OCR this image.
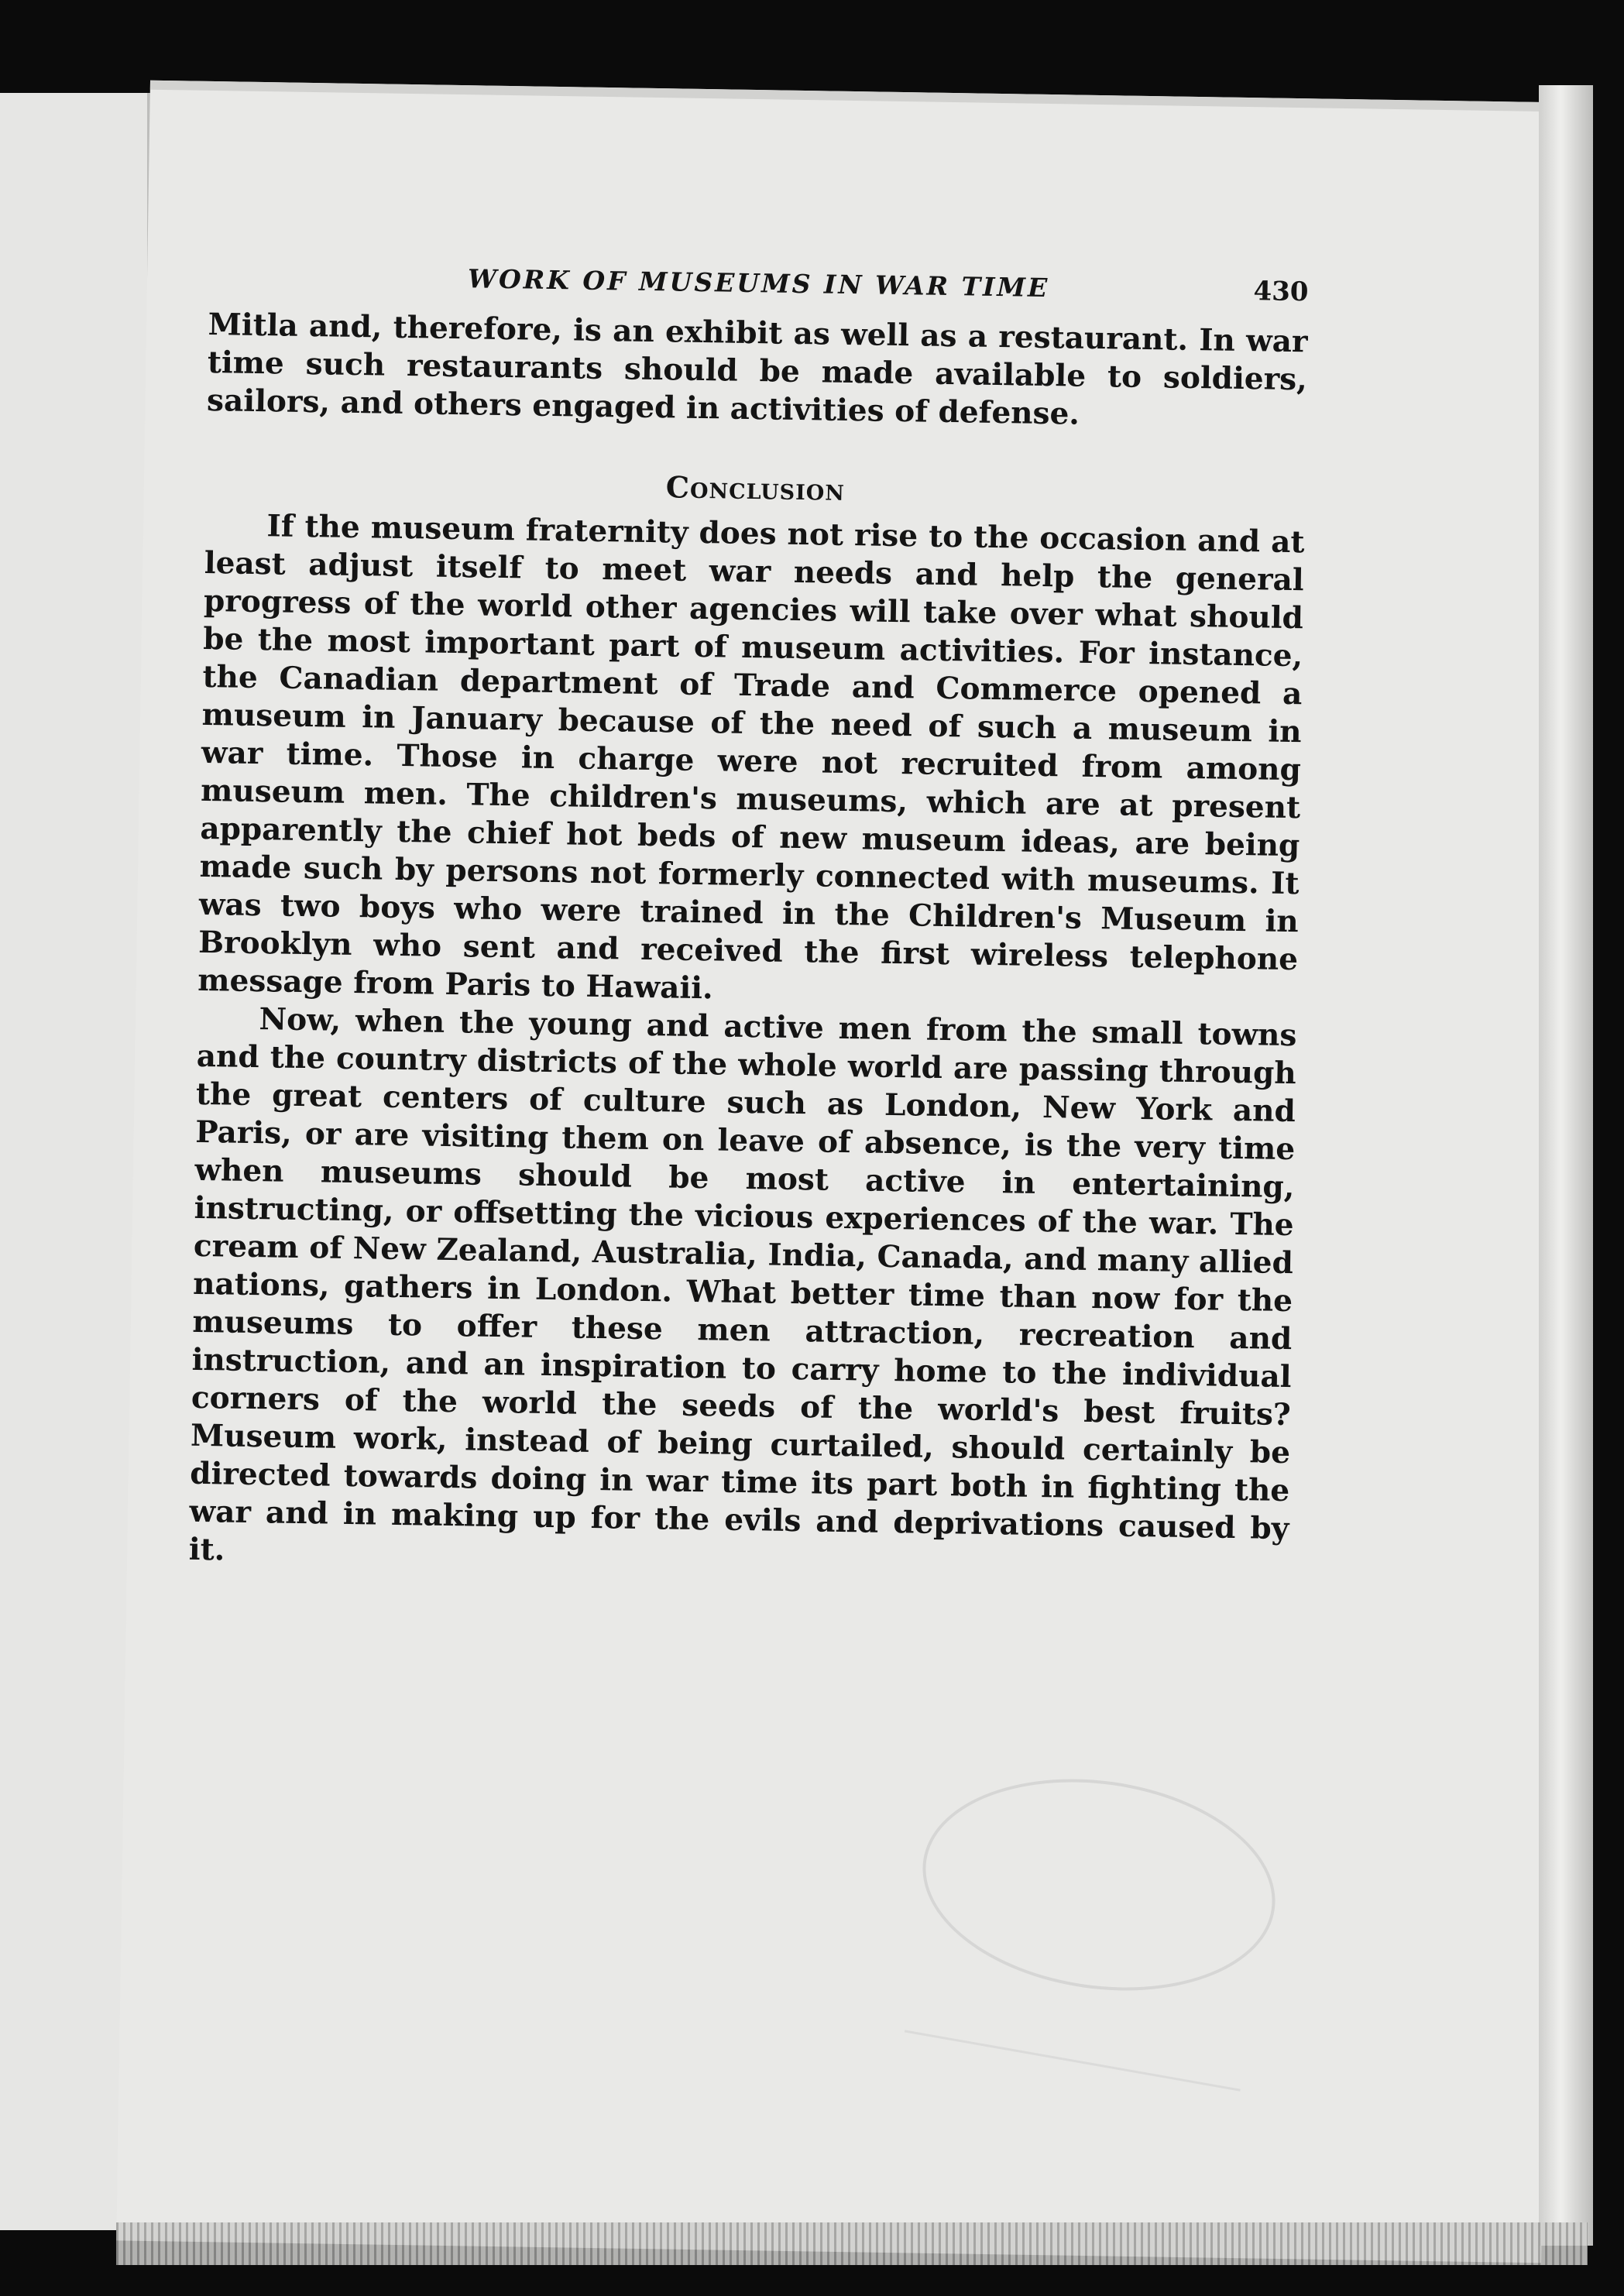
WORK OF MUSEUMS IN WAR TIME	430

Mitla and, therefore, is an exhibit as well as a restaurant. In war time such restaurants should be made available to soldiers, sailors, and others engaged in activities of defense.

Conclusion

If the museum fraternity does not rise to the occasion and at least adjust itself to meet war needs and help the general progress of the world other agencies will take over what should be the most important part of museum activities. For instance, the Canadian department of Trade and Commerce opened a museum in January because of the need of such a museum in war time. Those in charge were not recruited from among museum men. The children's museums, which are at present apparently the chief hot beds of new museum ideas, are being made such by persons not formerly connected with museums. It was two boys who were trained in the Children's Museum in Brooklyn who sent and received the first wireless telephone message from Paris to Hawaii.

Now, when the young and active men from the small towns and the country districts of the whole world are passing through the great centers of culture such as London, New York and Paris, or are visiting them on leave of absence, is the very time when museums should be most active in entertaining, instructing, or offsetting the vicious experiences of the war. The cream of New Zealand, Australia, India, Canada, and many allied nations, gathers in London. What better time than now for the museums to offer these men attraction, recreation and instruction, and an inspiration to carry home to the individual corners of the world the seeds of the world's best fruits? Museum work, instead of being curtailed, should certainly be directed towards doing in war time its part both in fighting the war and in making up for the evils and deprivations caused by it.
